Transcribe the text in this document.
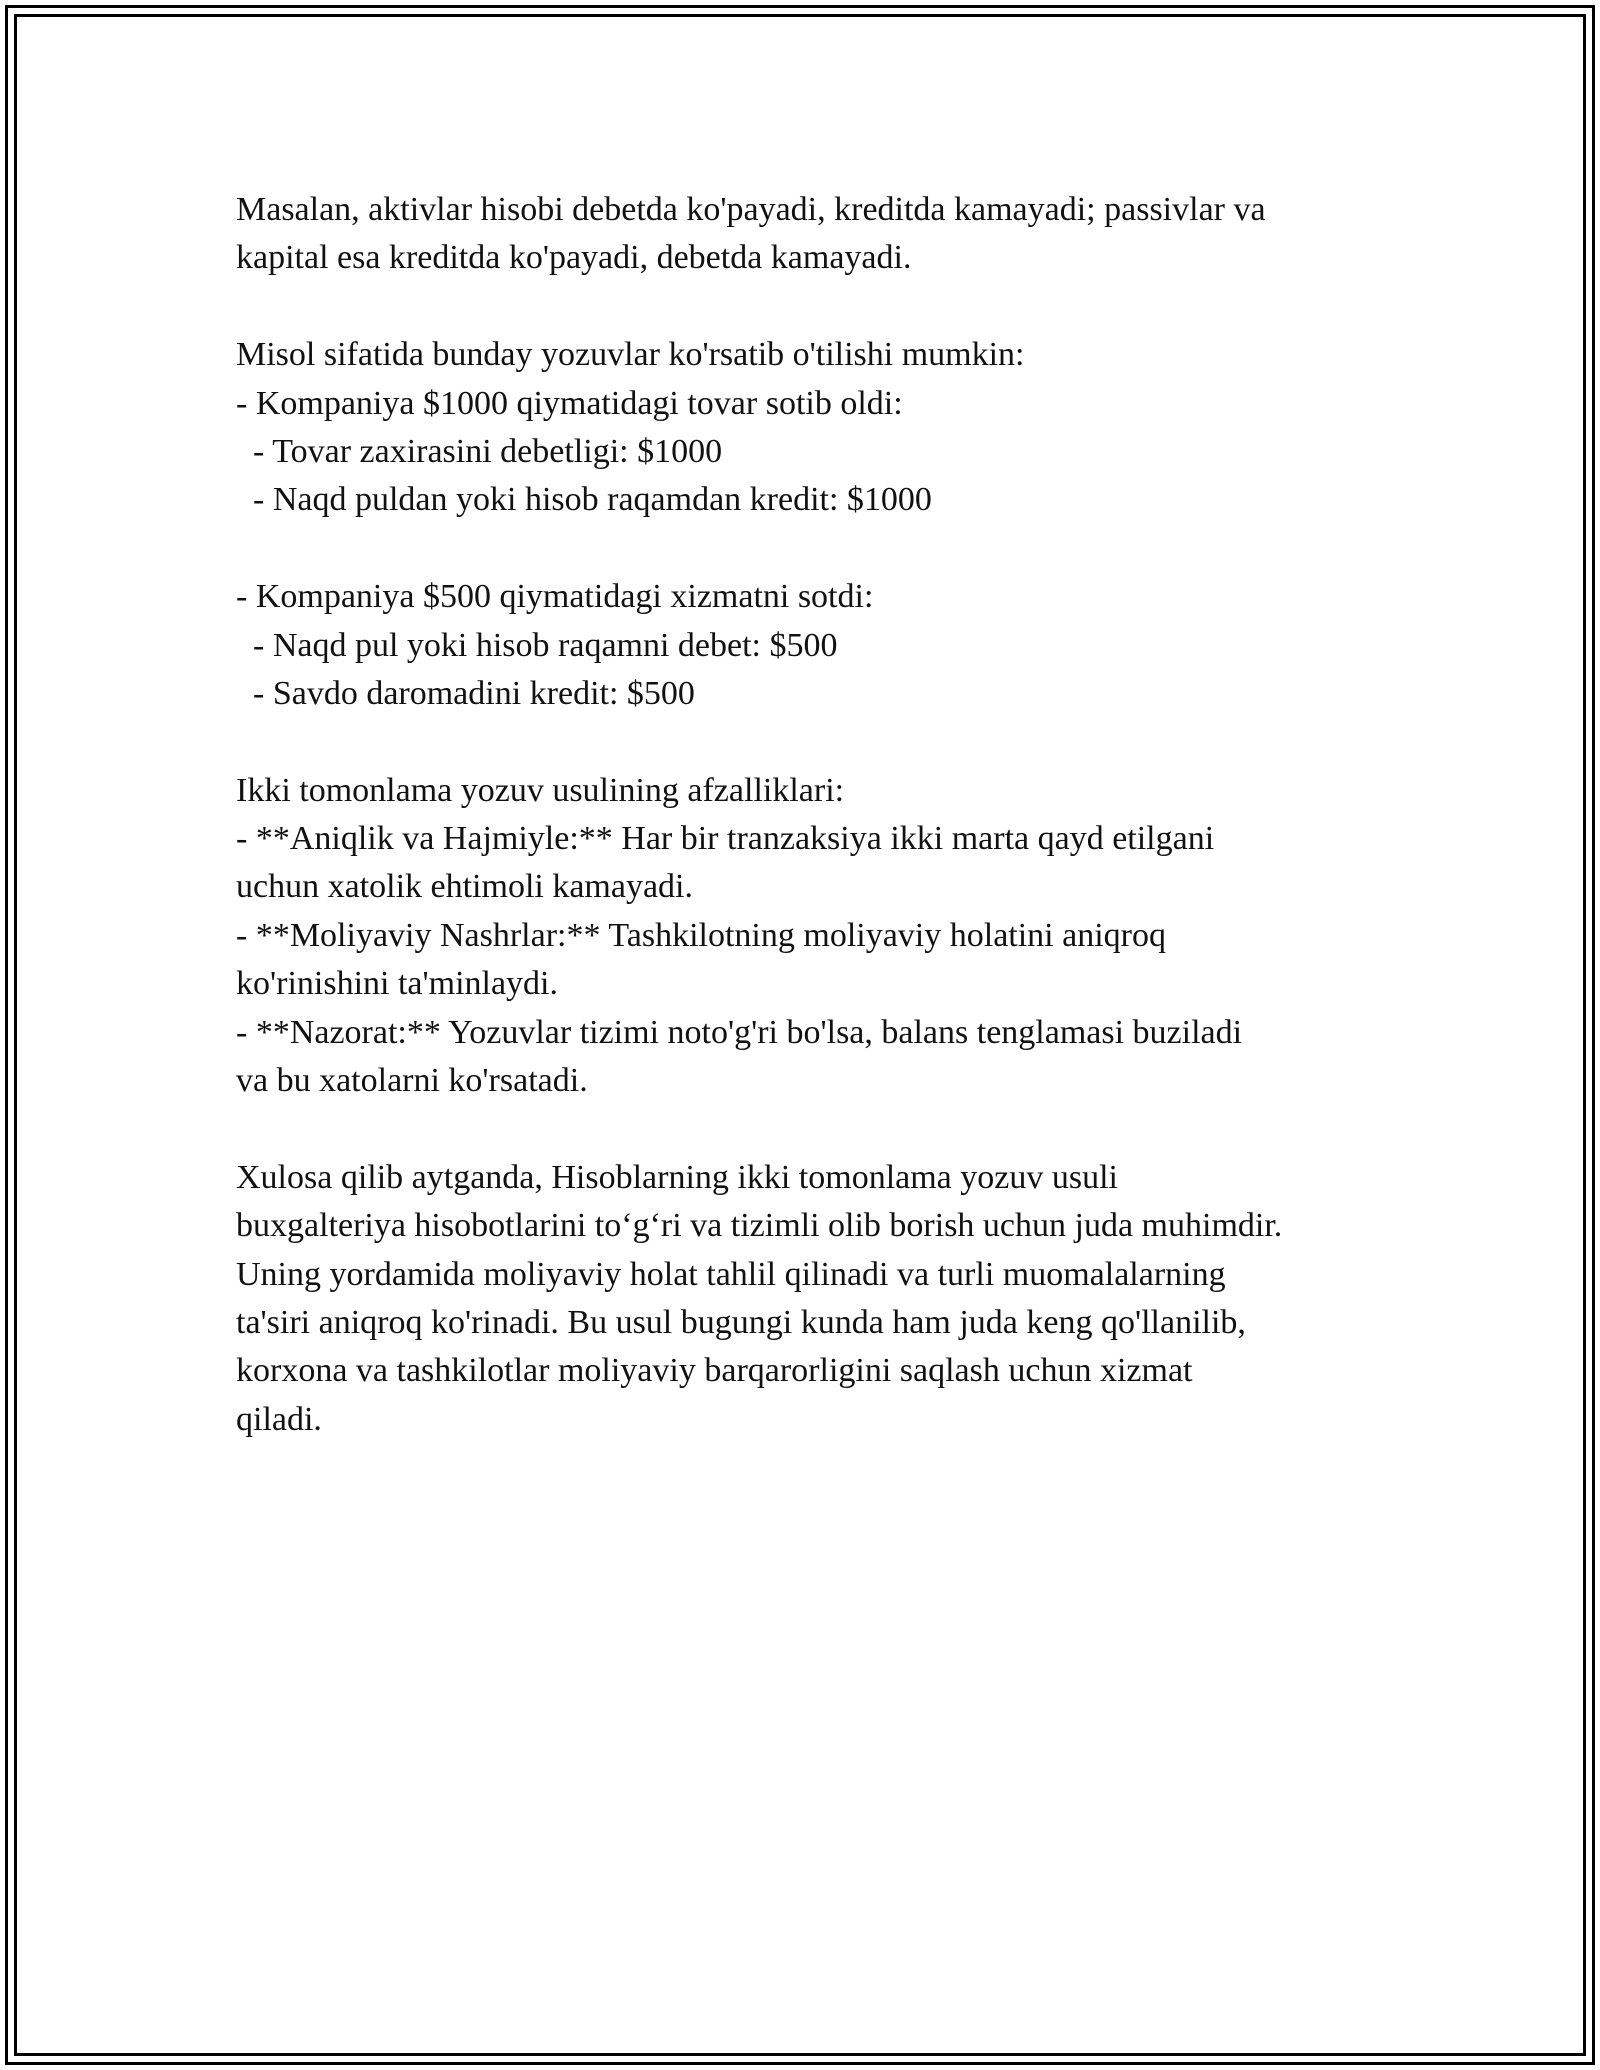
Masalan, aktivlar hisobi debetda ko'payadi, kreditda kamayadi; passivlar va
kapital esa kreditda ko'payadi, debetda kamayadi.
Misol sifatida bunday yozuvlar ko'rsatib o'tilishi mumkin:
- Kompaniya $1000 qiymatidagi tovar sotib oldi:
- Tovar zaxirasini debetligi: $1000
- Naqd puldan yoki hisob raqamdan kredit: $1000
- Kompaniya $500 qiymatidagi xizmatni sotdi:
- Naqd pul yoki hisob raqamni debet: $500
- Savdo daromadini kredit: $500
Ikki tomonlama yozuv usulining afzalliklari:
- **Aniqlik va Hajmiyle:** Har bir tranzaksiya ikki marta qayd etilgani
uchun xatolik ehtimoli kamayadi.
- **Moliyaviy Nashrlar:** Tashkilotning moliyaviy holatini aniqroq
ko'rinishini ta'minlaydi.
- **Nazorat:** Yozuvlar tizimi noto'g'ri bo'lsa, balans tenglamasi buziladi
va bu xatolarni ko'rsatadi.
Xulosa qilib aytganda, Hisoblarning ikki tomonlama yozuv usuli
buxgalteriya hisobotlarini to‘g‘ri va tizimli olib borish uchun juda muhimdir.
Uning yordamida moliyaviy holat tahlil qilinadi va turli muomalalarning
ta'siri aniqroq ko'rinadi. Bu usul bugungi kunda ham juda keng qo'llanilib,
korxona va tashkilotlar moliyaviy barqarorligini saqlash uchun xizmat
qiladi.
